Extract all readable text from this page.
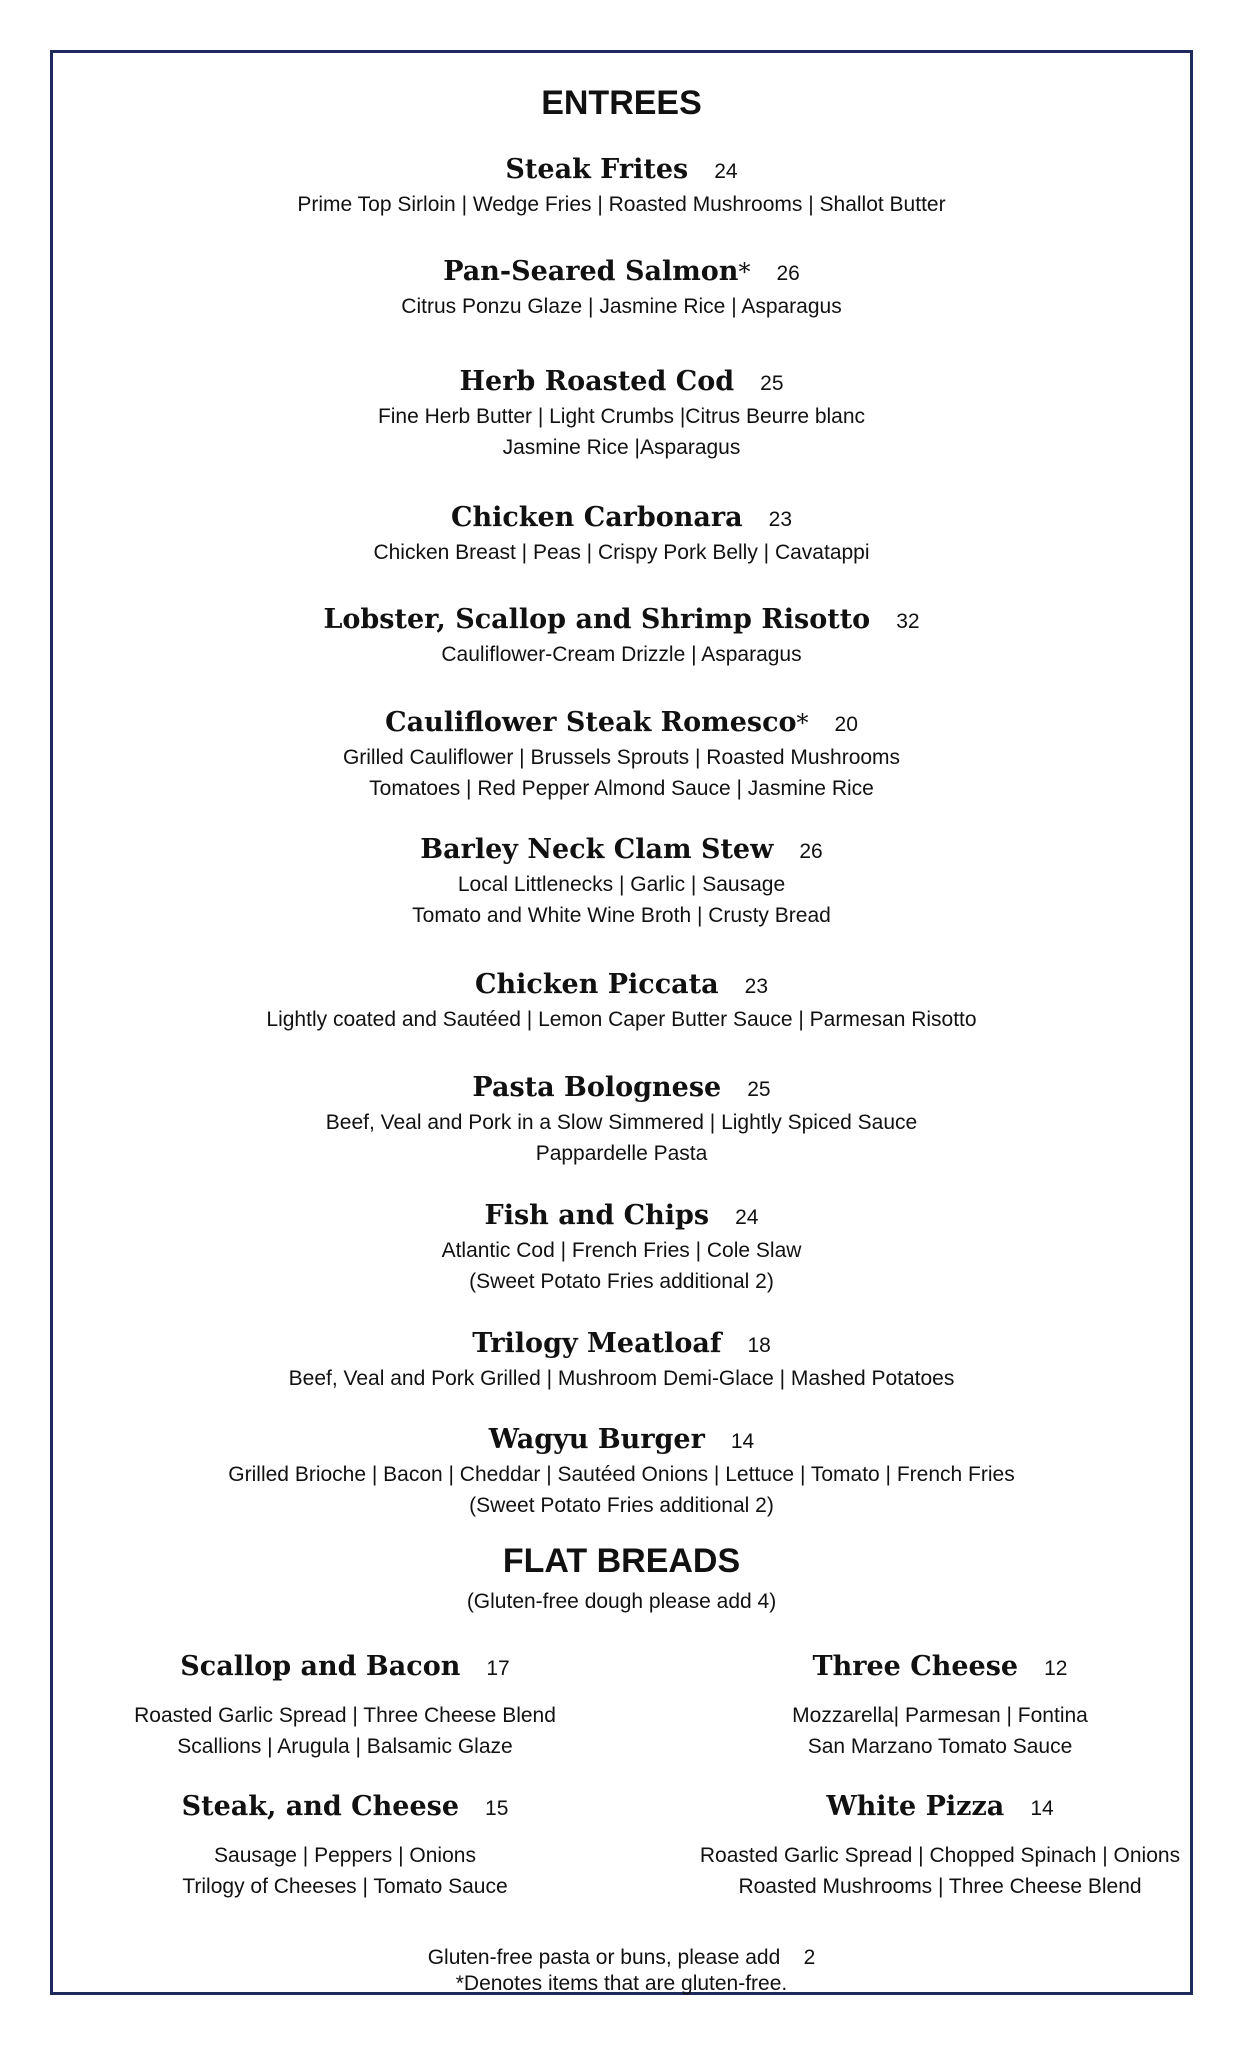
ENTREES
Steak Frites 24
Prime Top Sirloin | Wedge Fries | Roasted Mushrooms | Shallot Butter
Pan-Seared Salmon* 26
Citrus Ponzu Glaze | Jasmine Rice | Asparagus
Herb Roasted Cod 25
Fine Herb Butter | Light Crumbs |Citrus Beurre blanc
Jasmine Rice |Asparagus
Chicken Carbonara 23
Chicken Breast | Peas | Crispy Pork Belly | Cavatappi
Lobster, Scallop and Shrimp Risotto 32
Cauliflower-Cream Drizzle | Asparagus
Cauliflower Steak Romesco* 20
Grilled Cauliflower | Brussels Sprouts | Roasted Mushrooms
Tomatoes | Red Pepper Almond Sauce | Jasmine Rice
Barley Neck Clam Stew 26
Local Littlenecks | Garlic | Sausage
Tomato and White Wine Broth | Crusty Bread
Chicken Piccata 23
Lightly coated and Sautéed | Lemon Caper Butter Sauce | Parmesan Risotto
Pasta Bolognese 25
Beef, Veal and Pork in a Slow Simmered | Lightly Spiced Sauce
Pappardelle Pasta
Fish and Chips 24
Atlantic Cod | French Fries | Cole Slaw
(Sweet Potato Fries additional 2)
Trilogy Meatloaf 18
Beef, Veal and Pork Grilled | Mushroom Demi-Glace | Mashed Potatoes
Wagyu Burger 14
Grilled Brioche | Bacon | Cheddar | Sautéed Onions | Lettuce | Tomato | French Fries
(Sweet Potato Fries additional 2)
FLAT BREADS
(Gluten-free dough please add 4)
Scallop and Bacon 17
Roasted Garlic Spread | Three Cheese Blend
Scallions | Arugula | Balsamic Glaze
Three Cheese 12
Mozzarella| Parmesan | Fontina
San Marzano Tomato Sauce
Steak, and Cheese 15
Sausage | Peppers | Onions
Trilogy of Cheeses | Tomato Sauce
White Pizza 14
Roasted Garlic Spread | Chopped Spinach | Onions
Roasted Mushrooms | Three Cheese Blend
Gluten-free pasta or buns, please add    2
*Denotes items that are gluten-free.
